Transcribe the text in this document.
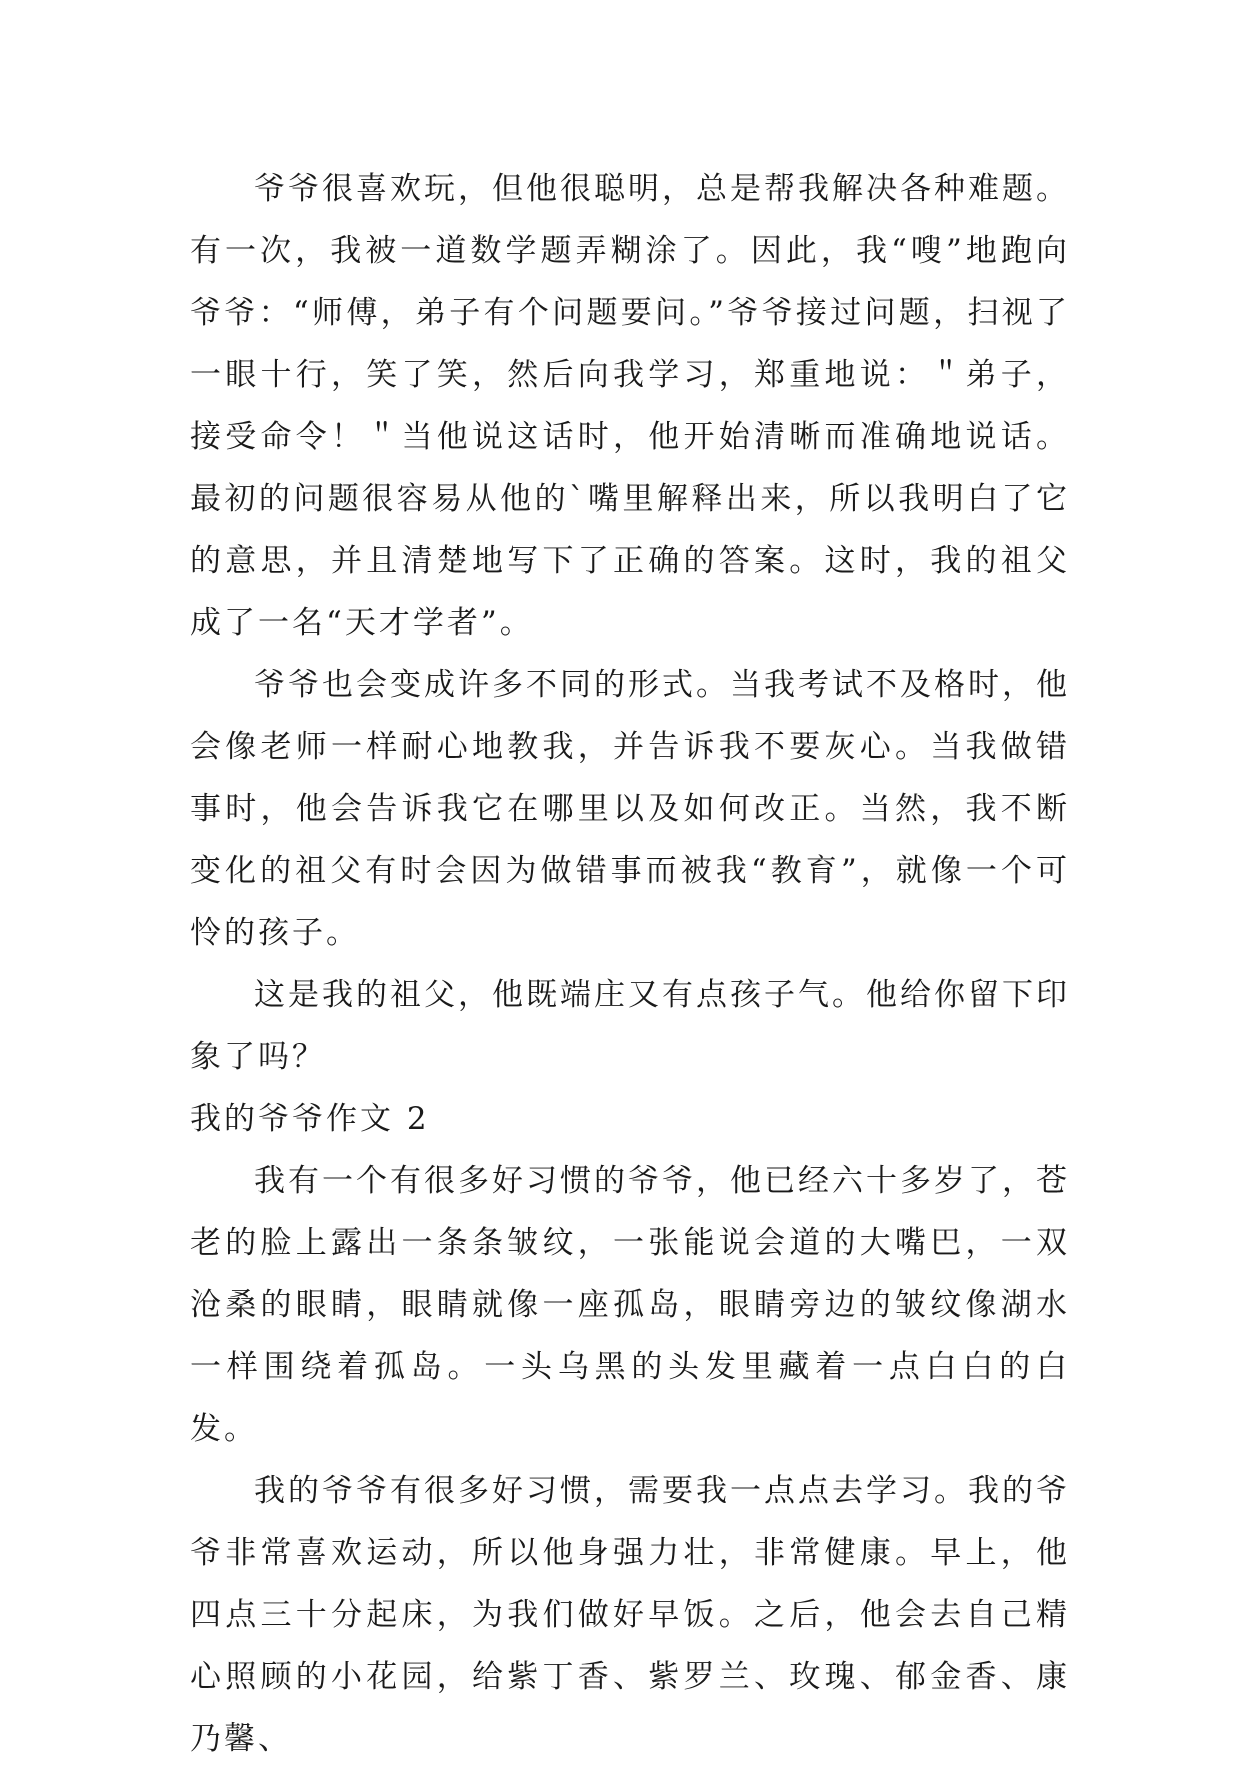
爷爷很喜欢玩，但他很聪明，总是帮我解决各种难题。有一次，我被一道数学题弄糊涂了。因此，我“嗖”地跑向爷爷：“师傅，弟子有个问题要问。”爷爷接过问题，扫视了一眼十行，笑了笑，然后向我学习，郑重地说：＂弟子，接受命令！＂当他说这话时，他开始清晰而准确地说话。最初的问题很容易从他的`嘴里解释出来，所以我明白了它的意思，并且清楚地写下了正确的答案。这时，我的祖父成了一名“天才学者”。

爷爷也会变成许多不同的形式。当我考试不及格时，他会像老师一样耐心地教我，并告诉我不要灰心。当我做错事时，他会告诉我它在哪里以及如何改正。当然，我不断变化的祖父有时会因为做错事而被我“教育”，就像一个可怜的孩子。

这是我的祖父，他既端庄又有点孩子气。他给你留下印象了吗？

我的爷爷作文 2

我有一个有很多好习惯的爷爷，他已经六十多岁了，苍老的脸上露出一条条皱纹，一张能说会道的大嘴巴，一双沧桑的眼睛，眼睛就像一座孤岛，眼睛旁边的皱纹像湖水一样围绕着孤岛。一头乌黑的头发里藏着一点白白的白发。

我的爷爷有很多好习惯，需要我一点点去学习。我的爷爷非常喜欢运动，所以他身强力壮，非常健康。早上，他四点三十分起床，为我们做好早饭。之后，他会去自己精心照顾的小花园，给紫丁香、紫罗兰、玫瑰、郁金香、康乃馨、
